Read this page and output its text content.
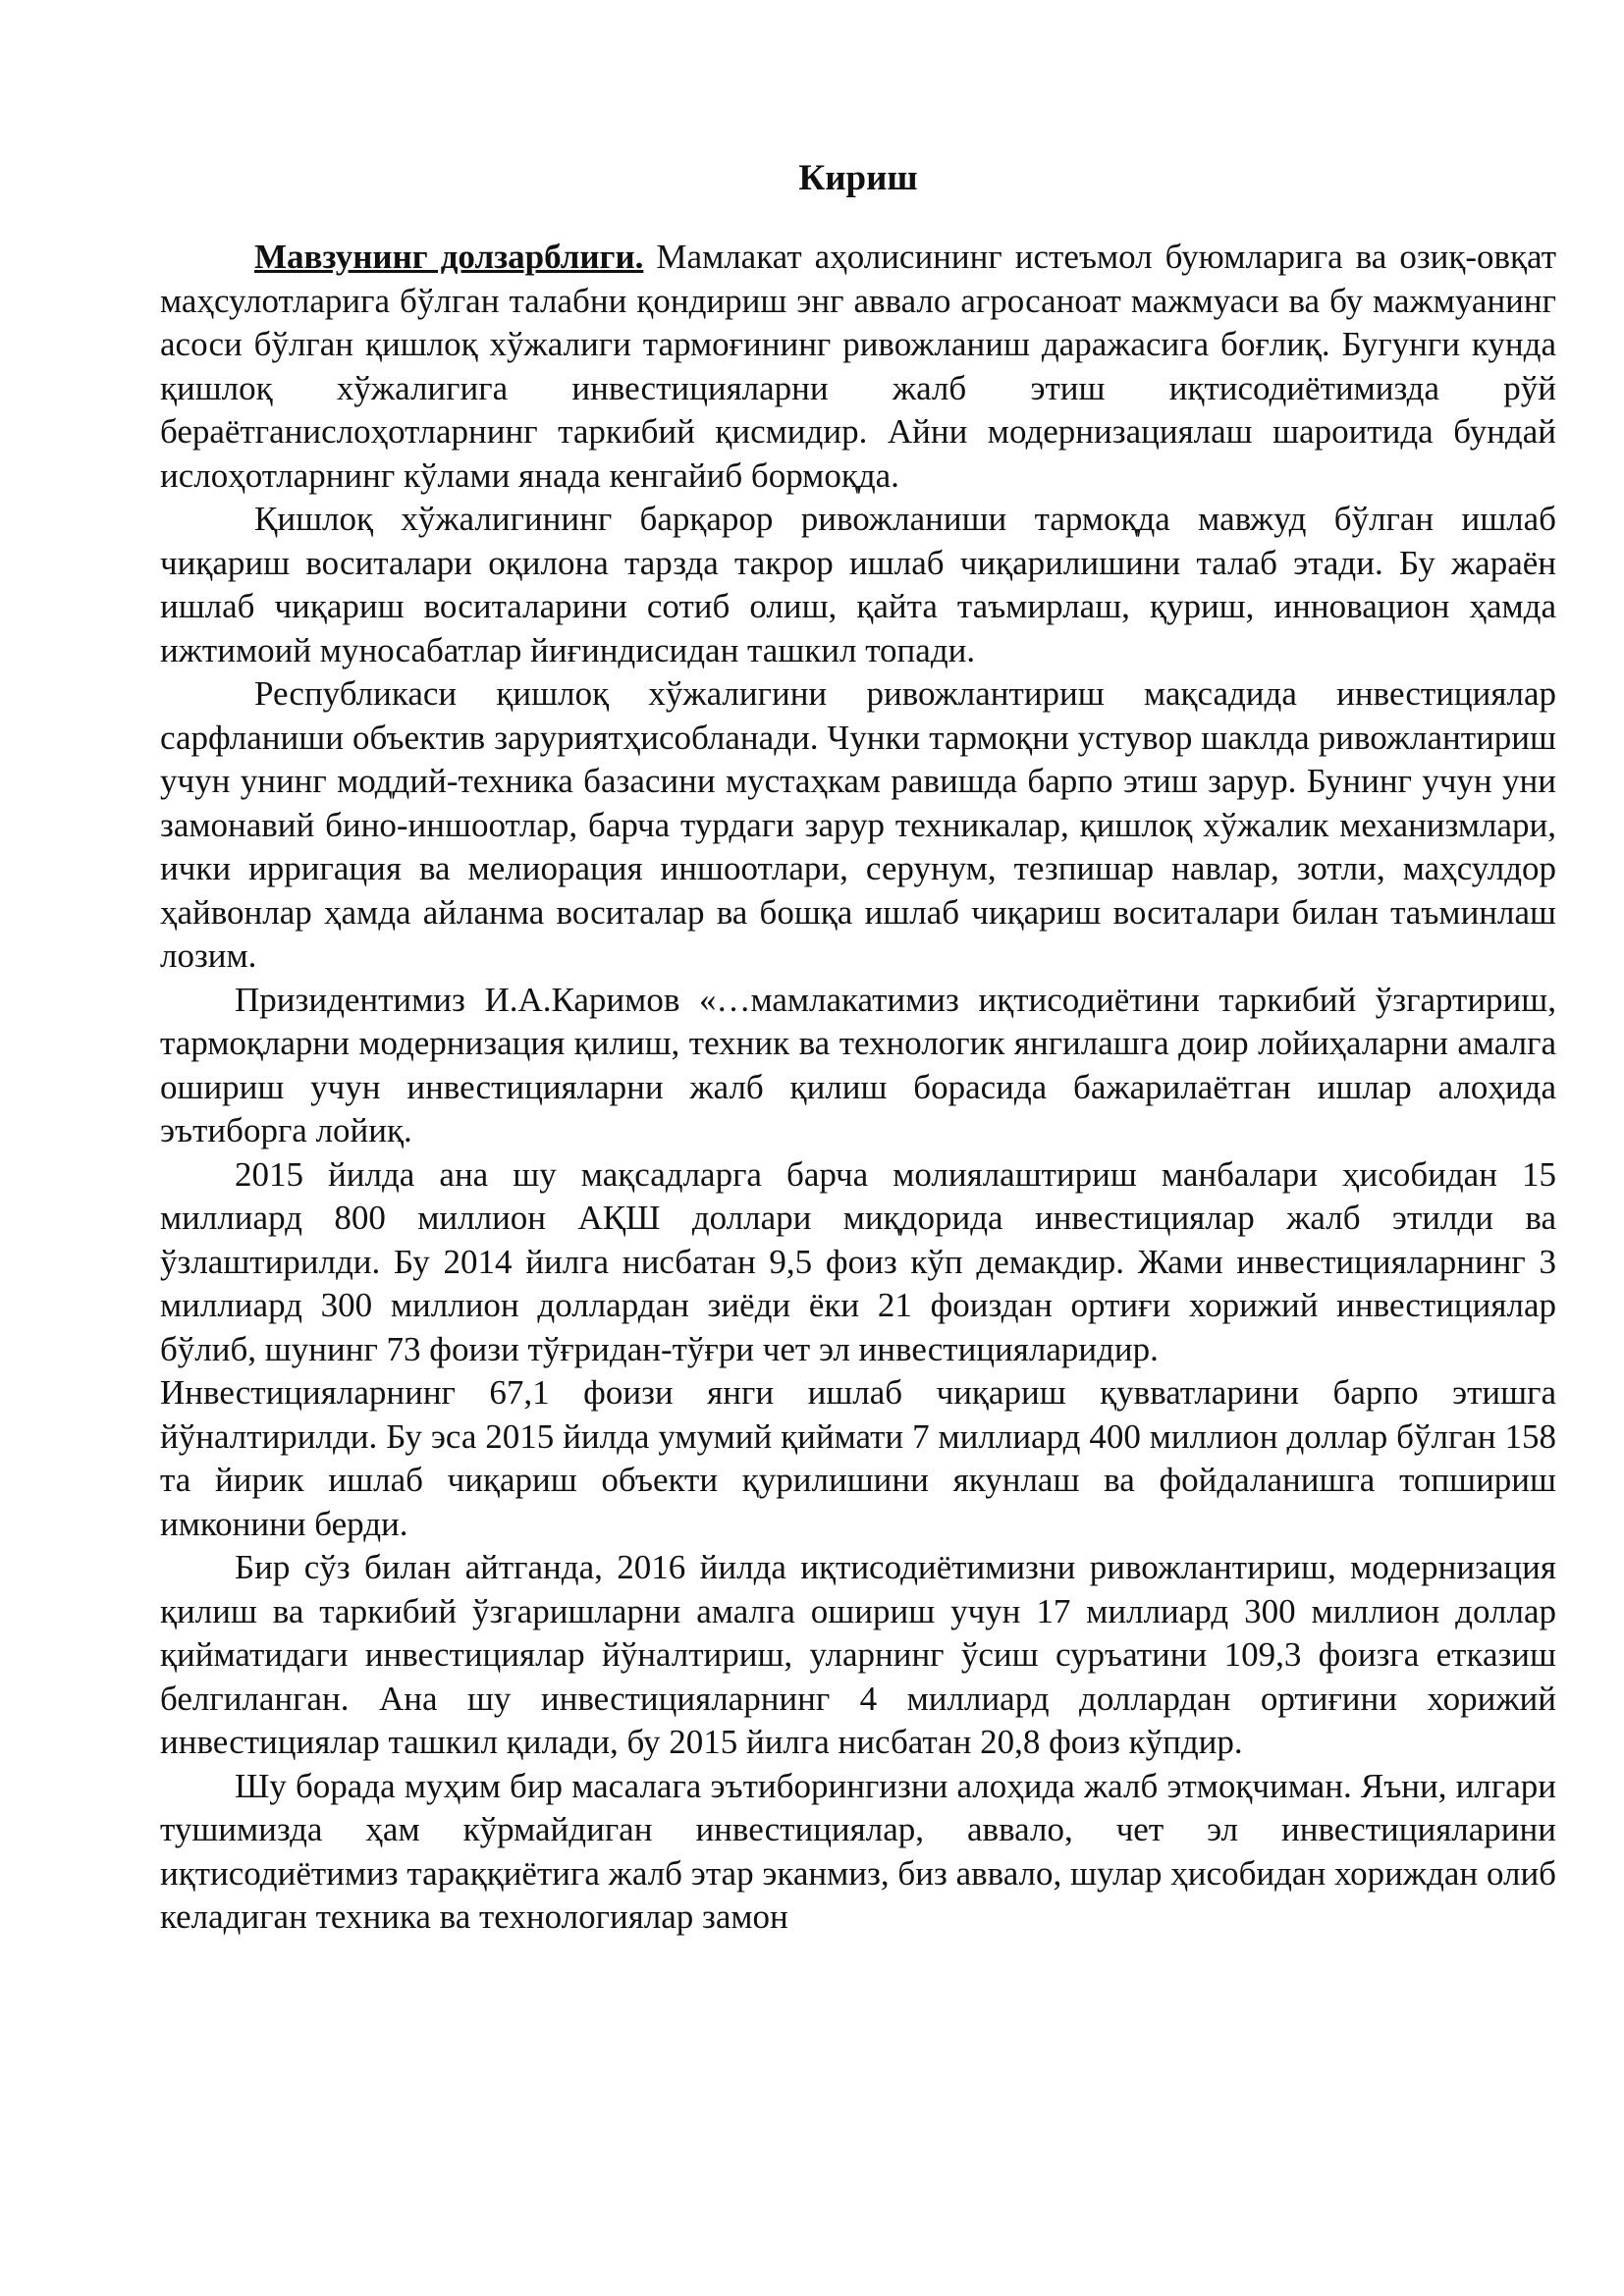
Кириш

Мавзунинг долзарблиги. Мамлакат аҳолисининг истеъмол буюмларига ва озиқ-овқат маҳсулотларига бўлган талабни қондириш энг аввало агросаноат мажмуаси ва бу мажмуанинг асоси бўлган қишлоқ хўжалиги тармоғининг ривожланиш даражасига боғлиқ. Бугунги кунда қишлоқ хўжалигига инвестицияларни жалб этиш иқтисодиётимизда рўй бераётганислоҳотларнинг таркибий қисмидир. Айни модернизациялаш шароитида бундай ислоҳотларнинг кўлами янада кенгайиб бормоқда.

Қишлоқ хўжалигининг барқарор ривожланиши тармоқда мавжуд бўлган ишлаб чиқариш воситалари оқилона тарзда такрор ишлаб чиқарилишини талаб этади. Бу жараён ишлаб чиқариш воситаларини сотиб олиш, қайта таъмирлаш, қуриш, инновацион ҳамда ижтимоий муносабатлар йиғиндисидан ташкил топади.

Республикаси қишлоқ хўжалигини ривожлантириш мақсадида инвестициялар сарфланиши объектив заруриятҳисобланади. Чунки тармоқни устувор шаклда ривожлантириш учун унинг моддий-техника базасини мустаҳкам равишда барпо этиш зарур. Бунинг учун уни замонавий бино-иншоотлар, барча турдаги зарур техникалар, қишлоқ хўжалик механизмлари, ички ирригация ва мелиорация иншоотлари, серунум, тезпишар навлар, зотли, маҳсулдор ҳайвонлар ҳамда айланма воситалар ва бошқа ишлаб чиқариш воситалари билан таъминлаш лозим.

Призидентимиз И.А.Каримов «…мамлакатимиз иқтисодиётини таркибий ўзгартириш, тармоқларни модернизация қилиш, техник ва технологик янгилашга доир лойиҳаларни амалга ошириш учун инвестицияларни жалб қилиш борасида бажарилаётган ишлар алоҳида эътиборга лойиқ.

2015 йилда ана шу мақсадларга барча молиялаштириш манбалари ҳисобидан 15 миллиард 800 миллион АҚШ доллари миқдорида инвестициялар жалб этилди ва ўзлаштирилди. Бу 2014 йилга нисбатан 9,5 фоиз кўп демакдир. Жами инвестицияларнинг 3 миллиард 300 миллион доллардан зиёди ёки 21 фоиздан ортиғи хорижий инвестициялар бўлиб, шунинг 73 фоизи тўғридан-тўғри чет эл инвестицияларидир.

Инвестицияларнинг 67,1 фоизи янги ишлаб чиқариш қувватларини барпо этишга йўналтирилди. Бу эса 2015 йилда умумий қиймати 7 миллиард 400 миллион доллар бўлган 158 та йирик ишлаб чиқариш объекти қурилишини якунлаш ва фойдаланишга топшириш имконини берди.

Бир сўз билан айтганда, 2016 йилда иқтисодиётимизни ривожлантириш, модернизация қилиш ва таркибий ўзгаришларни амалга ошириш учун 17 миллиард 300 миллион доллар қийматидаги инвестициялар йўналтириш, уларнинг ўсиш суръатини 109,3 фоизга етказиш белгиланган. Ана шу инвестицияларнинг 4 миллиард доллардан ортиғини хорижий инвестициялар ташкил қилади, бу 2015 йилга нисбатан 20,8 фоиз кўпдир.

Шу борада муҳим бир масалага эътиборингизни алоҳида жалб этмоқчиман. Яъни, илгари тушимизда ҳам кўрмайдиган инвестициялар, аввало, чет эл инвестицияларини иқтисодиётимиз тараққиётига жалб этар эканмиз, биз аввало, шулар ҳисобидан хориждан олиб келадиган техника ва технологиялар замон
